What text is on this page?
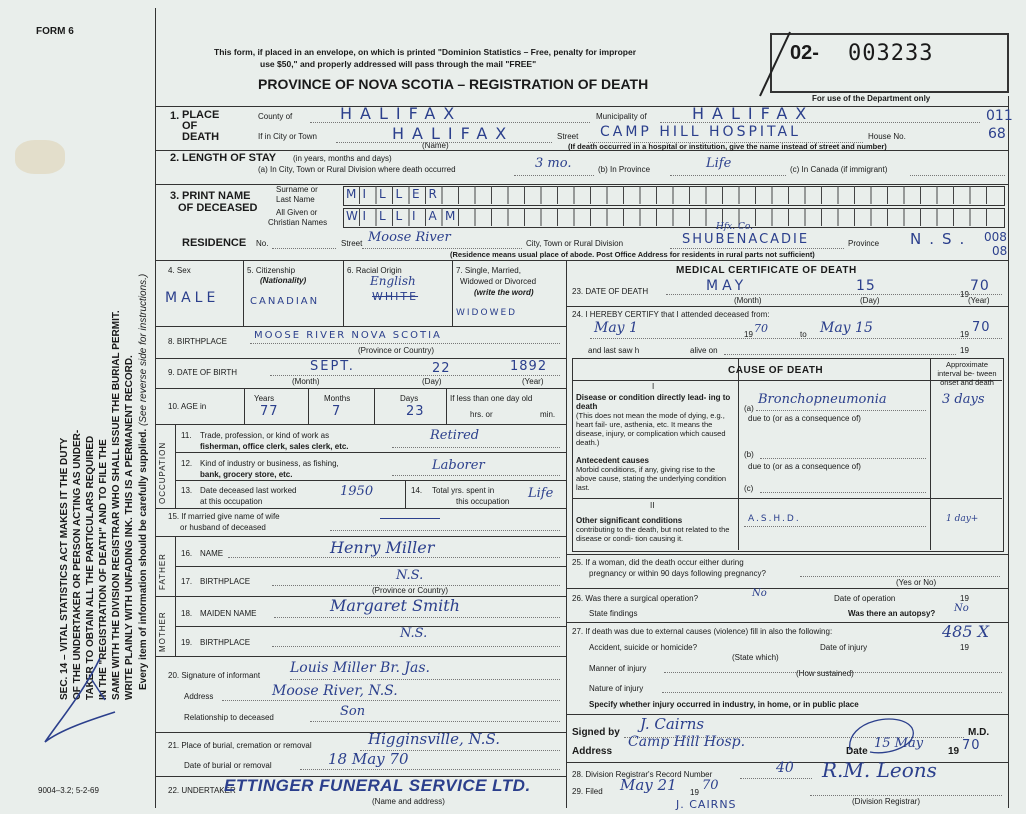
FORM 6
This form, if placed in an envelope, on which is printed "Dominion Statistics – Free, penalty for improper
use $50," and properly addressed will pass through the mail "FREE"
PROVINCE OF NOVA SCOTIA – REGISTRATION OF DEATH
02- 003233
For use of the Department only
SEC. 14 – VITAL STATISTICS ACT MAKES IT THE DUTY OF THE UNDERTAKER OR PERSON ACTING AS UNDER- TAKER TO OBTAIN ALL THE PARTICULARS REQUIRED IN THE "REGISTRATION OF DEATH" AND TO FILE THE SAME WITH THE DIVISION REGISTRAR WHO SHALL ISSUE THE BURIAL PERMIT. WRITE PLAINLY WITH UNFADING INK. THIS IS A PERMANENT RECORD. Every item of information should be carefully supplied. (See reverse side for instructions.)
1. PLACE OF DEATH
County of	HALIFAX	Municipality of	HALIFAX	011
If in City or Town	HALIFAX
(Name)
Street CAMP HILL HOSPITAL	House No.	68
(If death occurred in a hospital or institution, give the name instead of street and number)
2. LENGTH OF STAY (in years, months and days)
(a) In City, Town or Rural Division where death occurred	3 mo.	(b) In Province	Life	(c) In Canada (if immigrant)
3. PRINT NAME
OF DECEASED
Surname or
Last Name
All Given or
Christian Names
M I L L E R
W I L L I A M
RESIDENCE No.	Street Moose River	City, Town or Rural Division	SHUBENACADIE
Hfx. Co.
Province N.S. 008
08
(Residence means usual place of abode. Post Office Address for residents in rural parts not sufficient)
4. Sex
MALE
5. Citizenship
(Nationality)
CANADIAN
6. Racial Origin
English
WHITE
7. Single, Married,
Widowed or Divorced
(write the word)
WIDOWED
8. BIRTHPLACE
MOOSE RIVER NOVA SCOTIA
(Province or Country)
9. DATE OF BIRTH	SEPT.	22	1892
(Month)	(Day)	(Year)
10. AGE in
Years
77
Months
7
Days
23
If less than one day old
hrs. or	min.
OCCUPATION
11. Trade, profession, or kind of work as
fisherman, office clerk, sales clerk, etc.
Retired
12. Kind of industry or business, as fishing,
bank, grocery store, etc.
Laborer
13. Date deceased last worked
at this occupation
1950	14. Total yrs. spent in
this occupation
Life
15. If married give name of wife
or husband of deceased
FATHER 16. NAME	Henry Miller
17. BIRTHPLACE	N.S.
(Province or Country)
MOTHER 18. MAIDEN NAME	Margaret Smith
19. BIRTHPLACE
N.S.
20. Signature of informant Louis Miller Br. Jas.
Address	Moose River, N.S.
Relationship to deceased	Son
21. Place of burial, cremation or removal	Higginsville, N.S.
Date of burial or removal	18 May 70
22. UNDERTAKER
ETTINGER FUNERAL SERVICE LTD.
(Name and address)
9004–3.2; 5-2-69
MEDICAL CERTIFICATE OF DEATH
23. DATE OF DEATH	MAY	15
19
70
(Month)	(Day)	(Year)
24. I HEREBY CERTIFY that I attended deceased from:
May 1	19 70	to May 15	19 70
and last saw h	alive on	19
CAUSE OF DEATH
Approximate interval be- tween onset and death
I
Disease or condition directly lead- ing to death
(This does not mean the mode of dying, e.g., heart fail- ure, asthenia, etc. It means the disease, injury, or complication which caused death.)
(a)
Bronchopneumonia	3 days
due to (or as a consequence of)
Antecedent causes
Morbid conditions, if any, giving rise to the above cause, stating the underlying condition last.
(b)
due to (or as a consequence of)
(c)
II
Other significant conditions
contributing to the death, but not related to the disease or condi- tion causing it.
A.S.H.D.	1 day+
25. If a woman, did the death occur either during
pregnancy or within 90 days following pregnancy?
(Yes or No)
26. Was there a surgical operation?	No	Date of operation	19
State findings	Was there an autopsy? No
27. If death was due to external causes (violence) fill in also the following:	485 X
Accident, suicide or homicide?	Date of injury	19
(State which)
Manner of injury
Nature of injury
(How sustained)
Specify whether injury occurred in industry, in home, or in public place
Signed by J. Cairns	M.D.
Address
Camp Hill Hosp.
Date
15 May
19 70
28. Division Registrar's Record Number	40
29. Filed May 21 19 70
R.M. Leons
(Division Registrar)
J. CAIRNS
